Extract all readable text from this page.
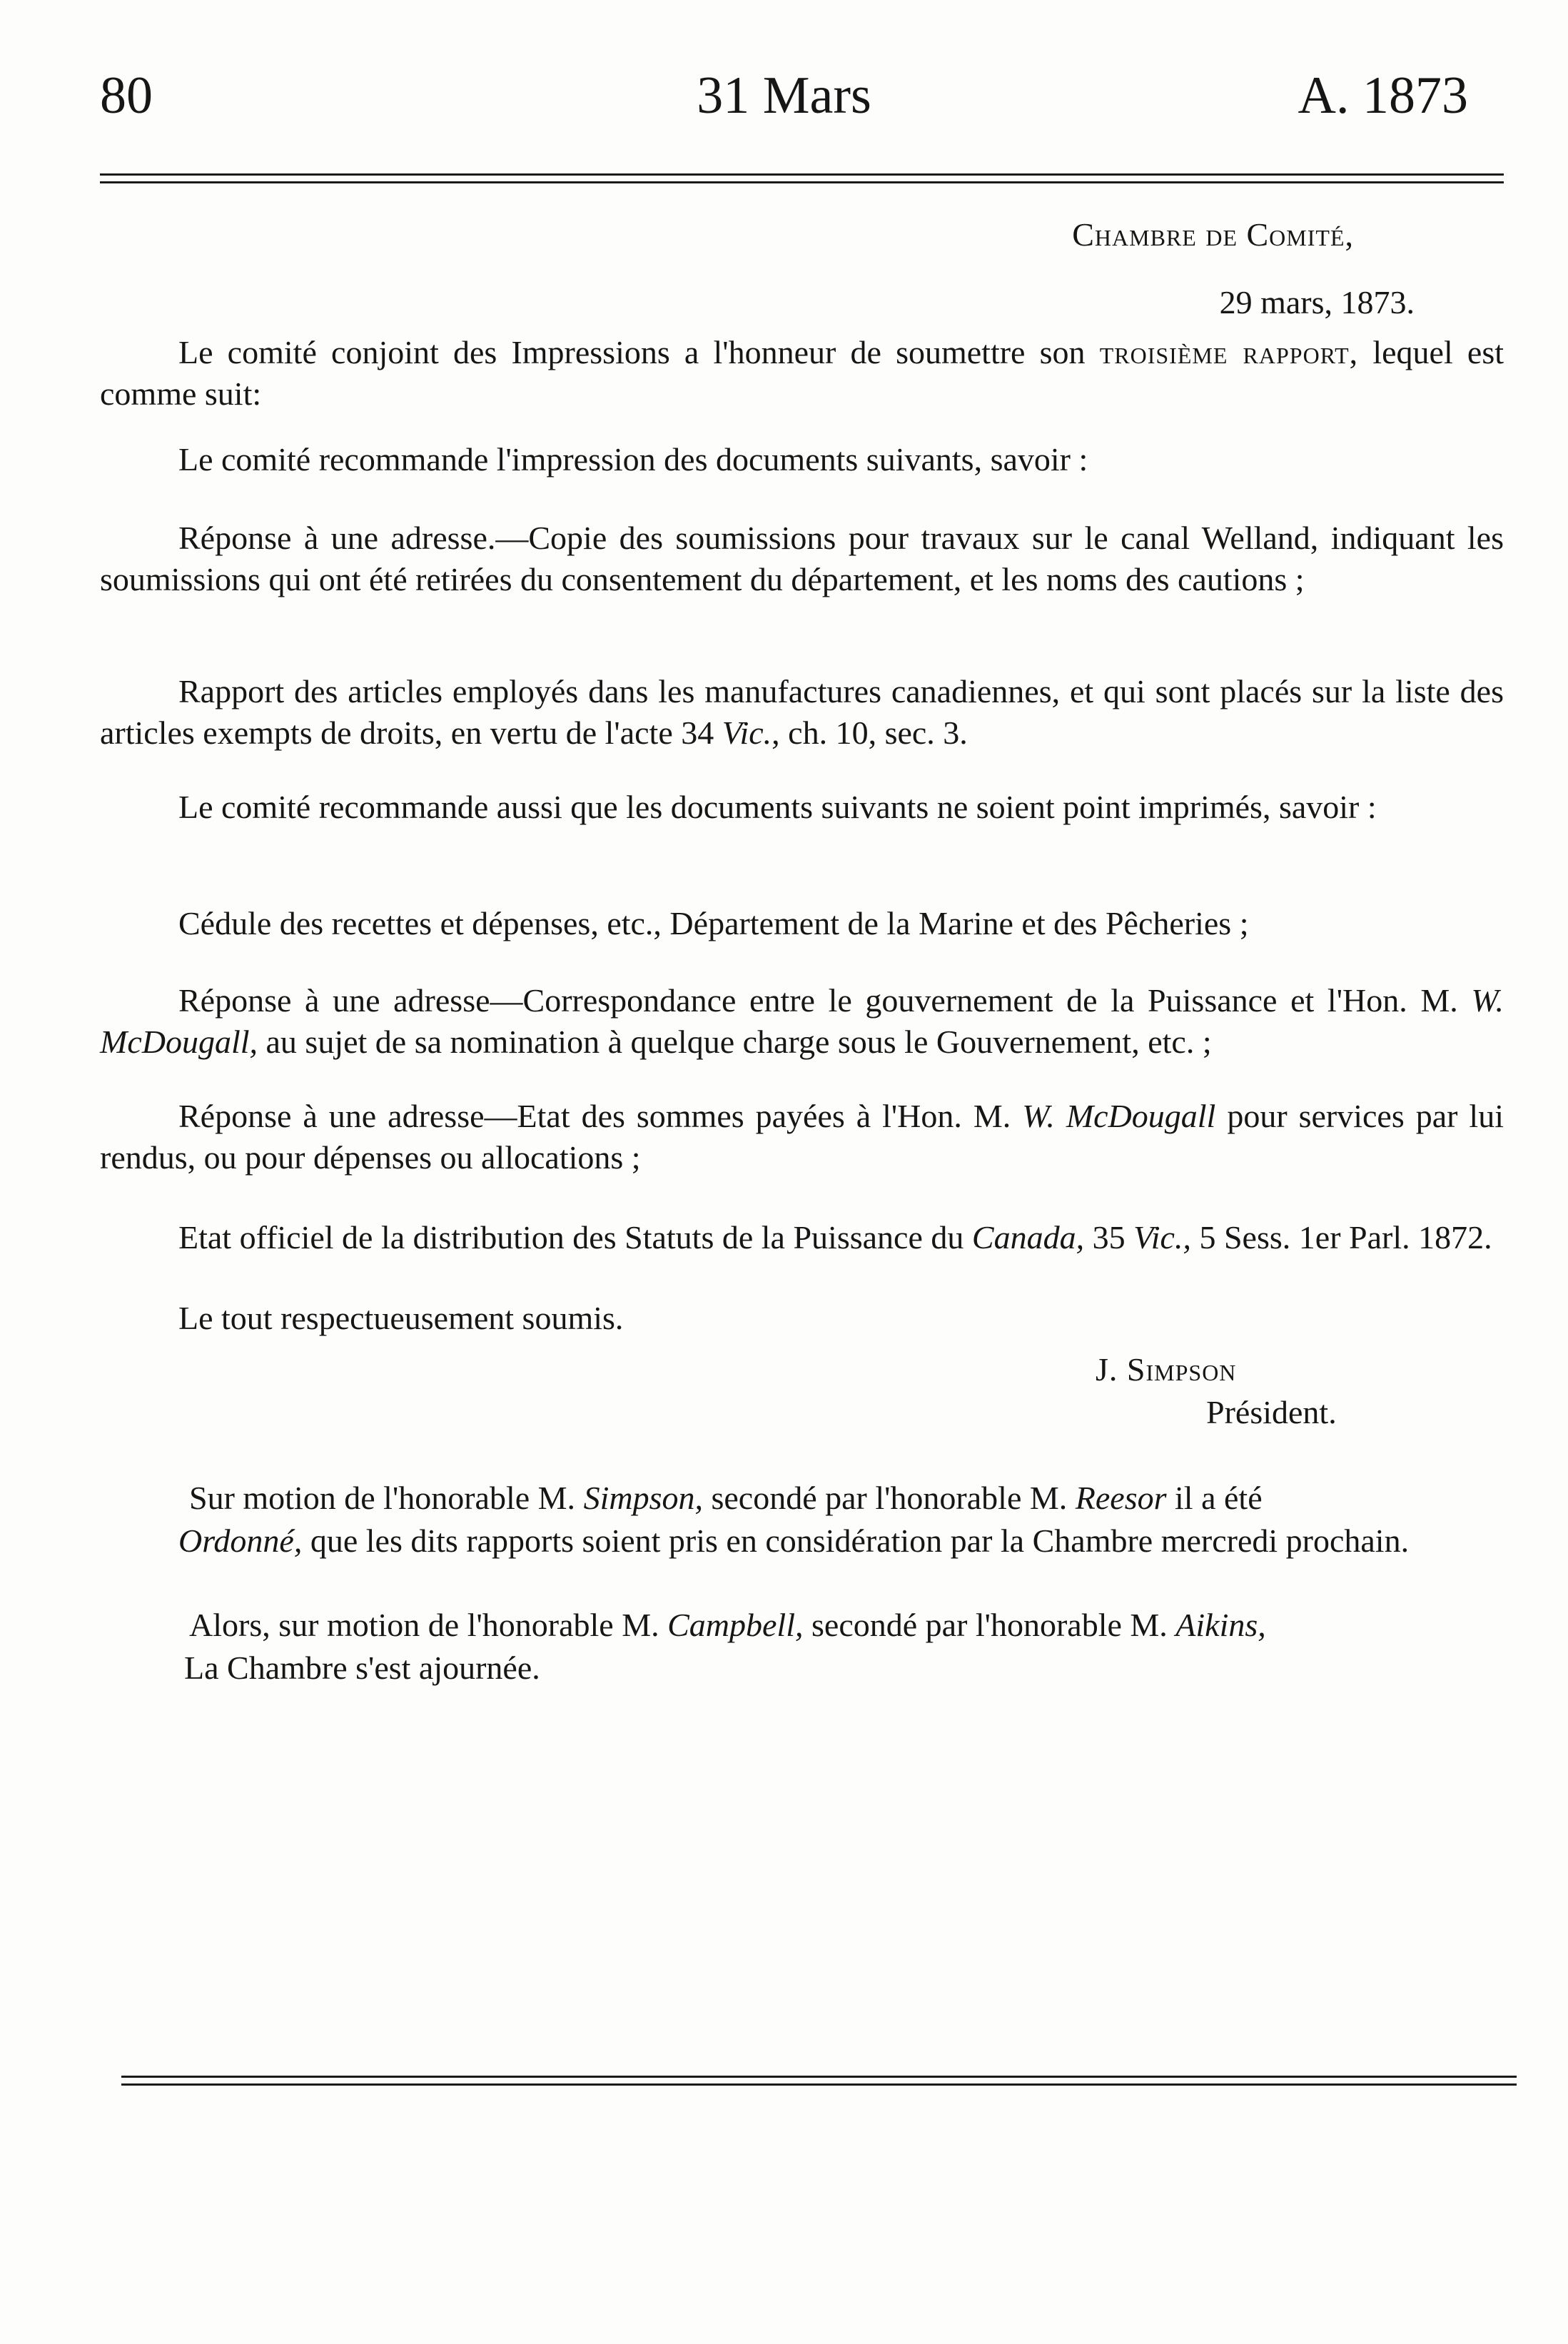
80	31 Mars	A. 1873
Chambre de Comité,
29 mars, 1873.
Le comité conjoint des Impressions a l'honneur de soumettre son troisième rapport, lequel est comme suit:
Le comité recommande l'impression des documents suivants, savoir :
Réponse à une adresse.—Copie des soumissions pour travaux sur le canal Welland, indiquant les soumissions qui ont été retirées du consentement du département, et les noms des cautions ;
Rapport des articles employés dans les manufactures canadiennes, et qui sont placés sur la liste des articles exempts de droits, en vertu de l'acte 34 Vic., ch. 10, sec. 3.
Le comité recommande aussi que les documents suivants ne soient point imprimés, savoir :
Cédule des recettes et dépenses, etc., Département de la Marine et des Pêcheries ;
Réponse à une adresse—Correspondance entre le gouvernement de la Puissance et l'Hon. M. W. McDougall, au sujet de sa nomination à quelque charge sous le Gouvernement, etc. ;
Réponse à une adresse—Etat des sommes payées à l'Hon. M. W. McDougall pour services par lui rendus, ou pour dépenses ou allocations ;
Etat officiel de la distribution des Statuts de la Puissance du Canada, 35 Vic., 5 Sess. 1er Parl. 1872.
Le tout respectueusement soumis.
J. Simpson
Président.
Sur motion de l'honorable M. Simpson, secondé par l'honorable M. Reesor il a été
Ordonné, que les dits rapports soient pris en considération par la Chambre mercredi prochain.
Alors, sur motion de l'honorable M. Campbell, secondé par l'honorable M. Aikins,
La Chambre s'est ajournée.
